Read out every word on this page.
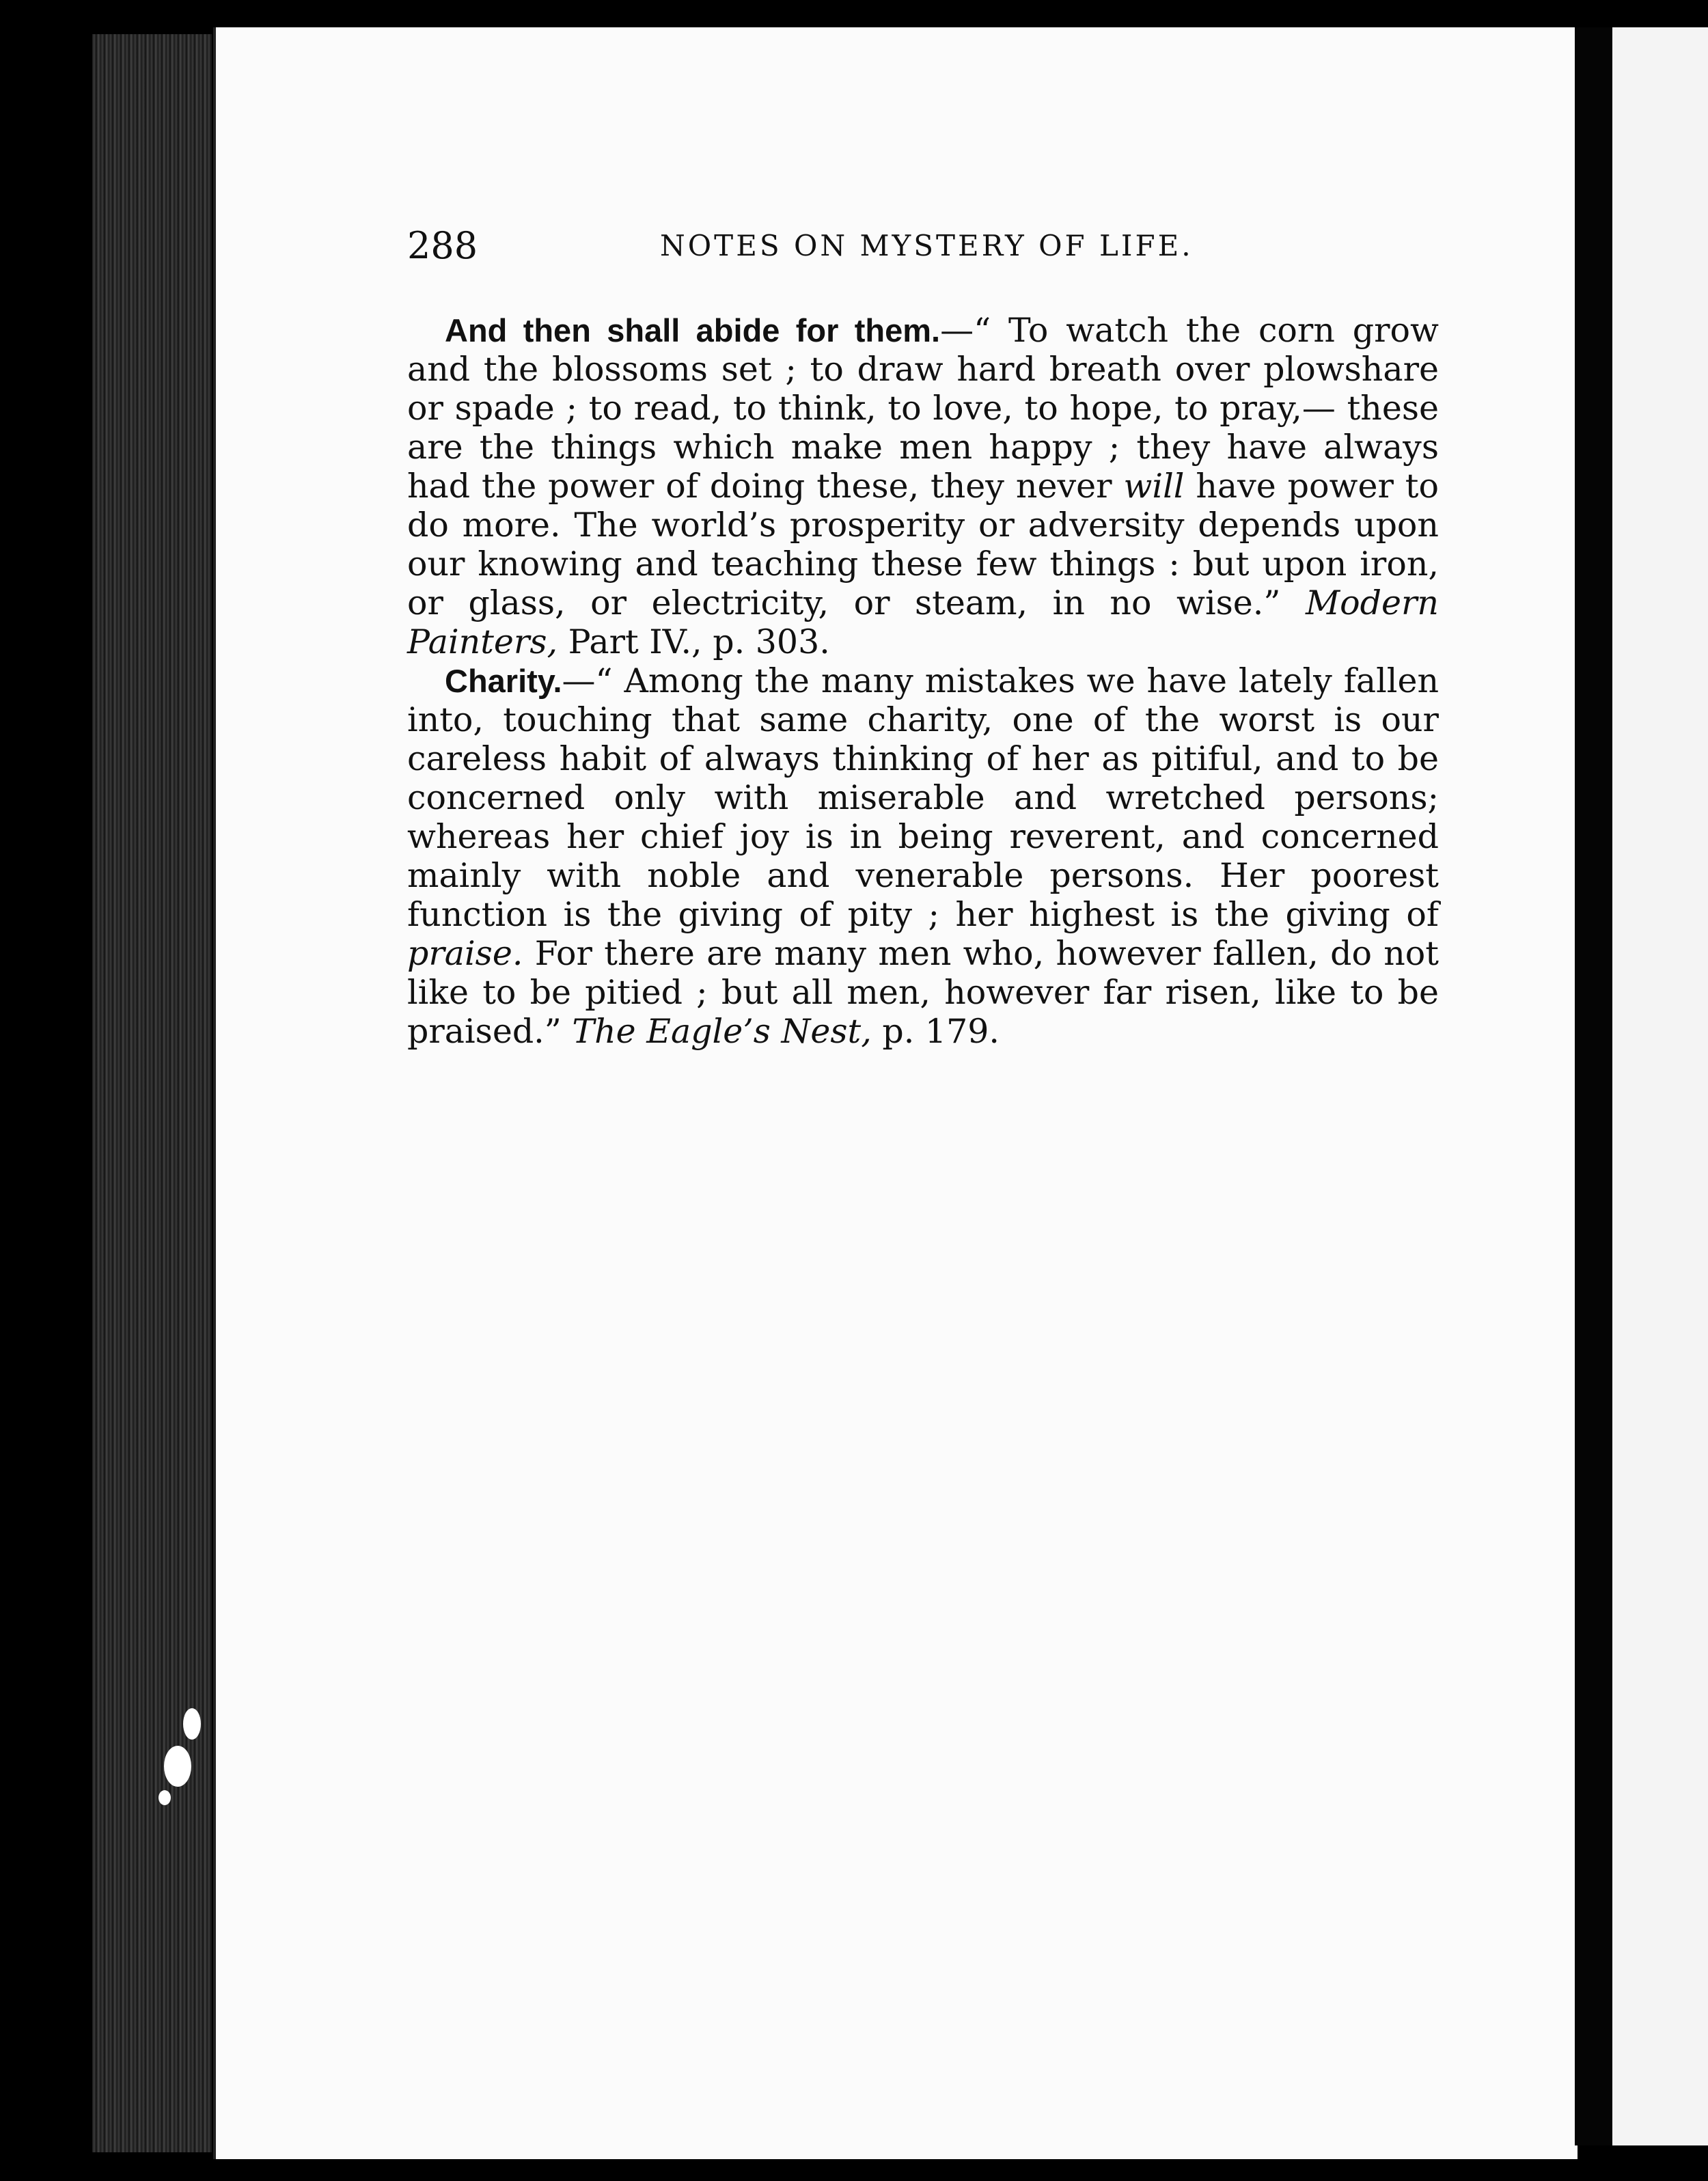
288	NOTES ON MYSTERY OF LIFE.

And then shall abide for them.—“ To watch the corn grow and the blossoms set ; to draw hard breath over plowshare or spade ; to read, to think, to love, to hope, to pray,— these are the things which make men happy ; they have always had the power of doing these, they never will have power to do more. The world’s prosperity or adversity depends upon our knowing and teaching these few things : but upon iron, or glass, or electricity, or steam, in no wise.” Modern Painters, Part IV., p. 303.

Charity.—“ Among the many mistakes we have lately fallen into, touching that same charity, one of the worst is our careless habit of always thinking of her as pitiful, and to be concerned only with miserable and wretched persons; whereas her chief joy is in being reverent, and concerned mainly with noble and venerable persons. Her poorest function is the giving of pity ; her highest is the giving of praise. For there are many men who, however fallen, do not like to be pitied ; but all men, however far risen, like to be praised.” The Eagle’s Nest, p. 179.
